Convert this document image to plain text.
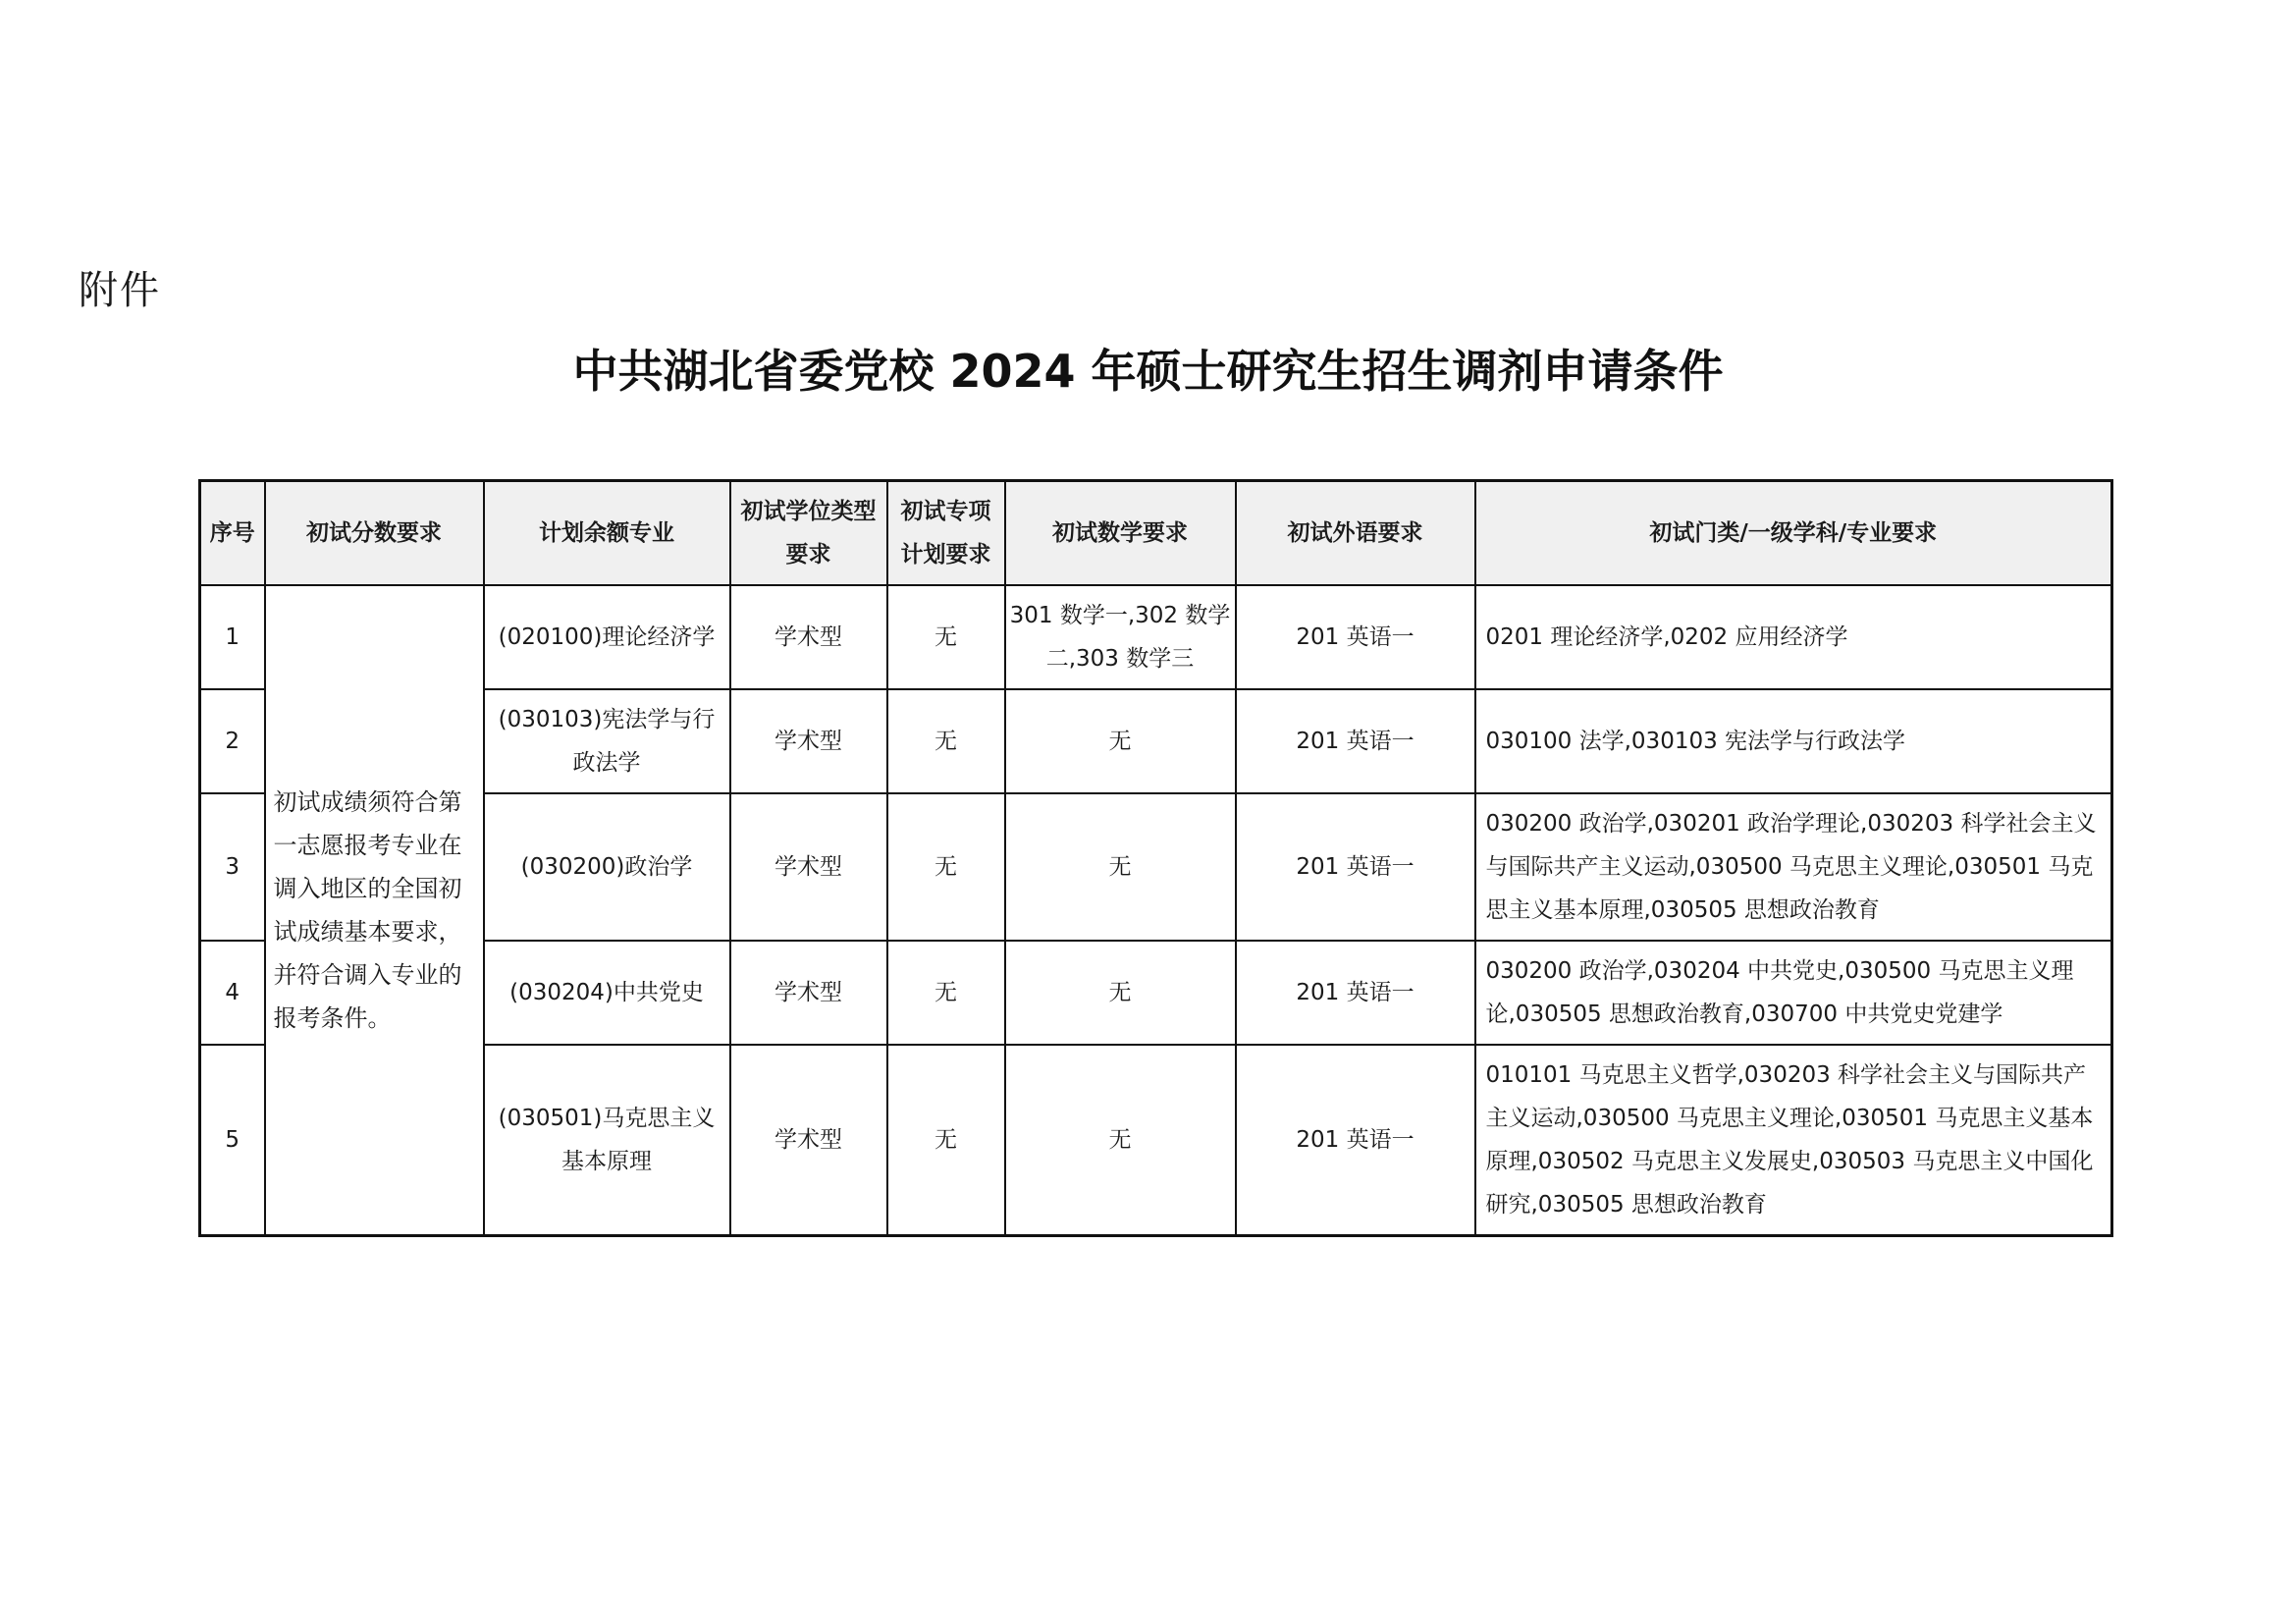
附件
中共湖北省委党校 2024 年硕士研究生招生调剂申请条件
序号	初试分数要求	计划余额专业	初试学位类型要求	初试专项计划要求	初试数学要求	初试外语要求	初试门类/一级学科/专业要求

1	初试成绩须符合第一志愿报考专业在调入地区的全国初试成绩基本要求，并符合调入专业的报考条件。	(020100)理论经济学	学术型	无	301 数学一,302 数学二,303 数学三	201 英语一	0201 理论经济学,0202 应用经济学
2		(030103)宪法学与行政法学	学术型	无	无	201 英语一	030100 法学,030103 宪法学与行政法学
3		(030200)政治学	学术型	无	无	201 英语一	030200 政治学,030201 政治学理论,030203 科学社会主义与国际共产主义运动,030500 马克思主义理论,030501 马克思主义基本原理,030505 思想政治教育
4		(030204)中共党史	学术型	无	无	201 英语一	030200 政治学,030204 中共党史,030500 马克思主义理论,030505 思想政治教育,030700 中共党史党建学
5		(030501)马克思主义基本原理	学术型	无	无	201 英语一	010101 马克思主义哲学,030203 科学社会主义与国际共产主义运动,030500 马克思主义理论,030501 马克思主义基本原理,030502 马克思主义发展史,030503 马克思主义中国化研究,030505 思想政治教育
